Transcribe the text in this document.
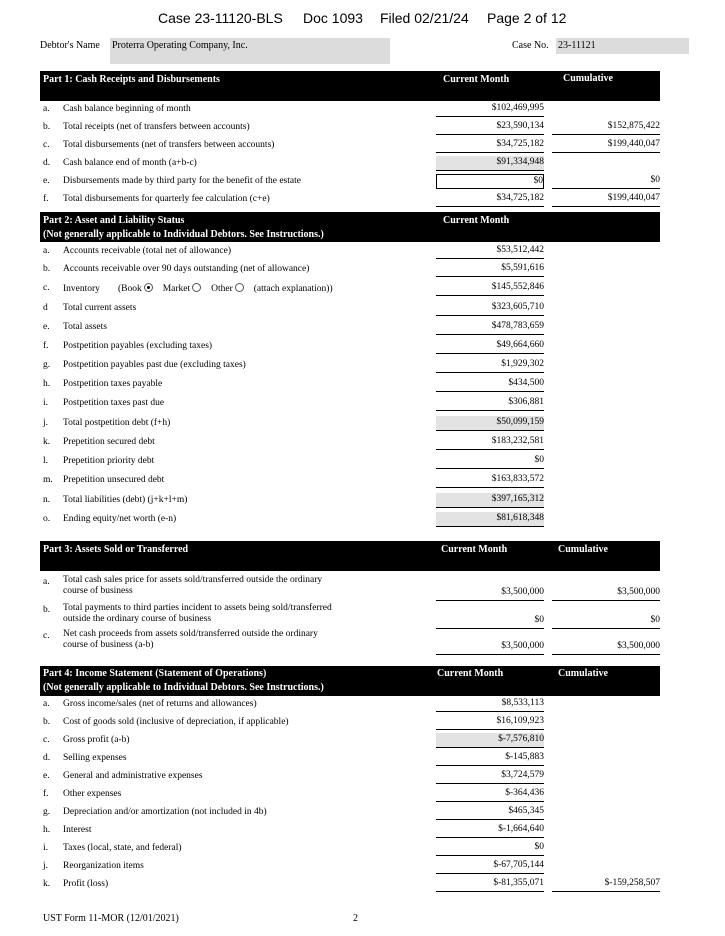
Case 23-11120-BLS Doc 1093 Filed 02/21/24 Page 2 of 12
Debtor's Name Proterra Operating Company, Inc.	Case No. 23-11121
Part 1: Cash Receipts and Disbursements	Current Month	Cumulative
a.	Cash balance beginning of month	$102,469,995
b.	Total receipts (net of transfers between accounts)	$23,590,134	$152,875,422
c.	Total disbursements (net of transfers between accounts)	$34,725,182	$199,440,047
d.	Cash balance end of month (a+b-c)	$91,334,948
e.	Disbursements made by third party for the benefit of the estate	$0	$0
f.	Total disbursements for quarterly fee calculation (c+e)	$34,725,182	$199,440,047
Part 2: Asset and Liability Status
(Not generally applicable to Individual Debtors. See Instructions.)
Current Month
a.	Accounts receivable (total net of allowance)	$53,512,442
b.	Accounts receivable over 90 days outstanding (net of allowance)	$5,591,616
c.	Inventory (Book Market Other (attach explanation))	$145,552,846
d	Total current assets	$323,605,710
e.	Total assets	$478,783,659
f.	Postpetition payables (excluding taxes)	$49,664,660
g.	Postpetition payables past due (excluding taxes)	$1,929,302
h.	Postpetition taxes payable	$434,500
i.	Postpetition taxes past due	$306,881
j.	Total postpetition debt (f+h)	$50,099,159
k.	Prepetition secured debt	$183,232,581
l.	Prepetition priority debt	$0
m.	Prepetition unsecured debt	$163,833,572
n.	Total liabilities (debt) (j+k+l+m)	$397,165,312
o.	Ending equity/net worth (e-n)	$81,618,348
Part 3: Assets Sold or Transferred	Current Month	Cumulative
a.	Total cash sales price for assets sold/transferred outside the ordinary
course of business	$3,500,000	$3,500,000
b.	Total payments to third parties incident to assets being sold/transferred
outside the ordinary course of business	$0	$0
c.	Net cash proceeds from assets sold/transferred outside the ordinary
course of business (a-b)	$3,500,000	$3,500,000
Part 4: Income Statement (Statement of Operations)
(Not generally applicable to Individual Debtors. See Instructions.)
Current Month	Cumulative
a.	Gross income/sales (net of returns and allowances)	$8,533,113
b.	Cost of goods sold (inclusive of depreciation, if applicable)	$16,109,923
c.	Gross profit (a-b)	$-7,576,810
d.	Selling expenses	$-145,883
e.	General and administrative expenses	$3,724,579
f.	Other expenses	$-364,436
g.	Depreciation and/or amortization (not included in 4b)	$465,345
h.	Interest	$-1,664,640
i.	Taxes (local, state, and federal)	$0
j.	Reorganization items	$-67,705,144
k.	Profit (loss)	$-81,355,071	$-159,258,507
UST Form 11-MOR (12/01/2021)	2
